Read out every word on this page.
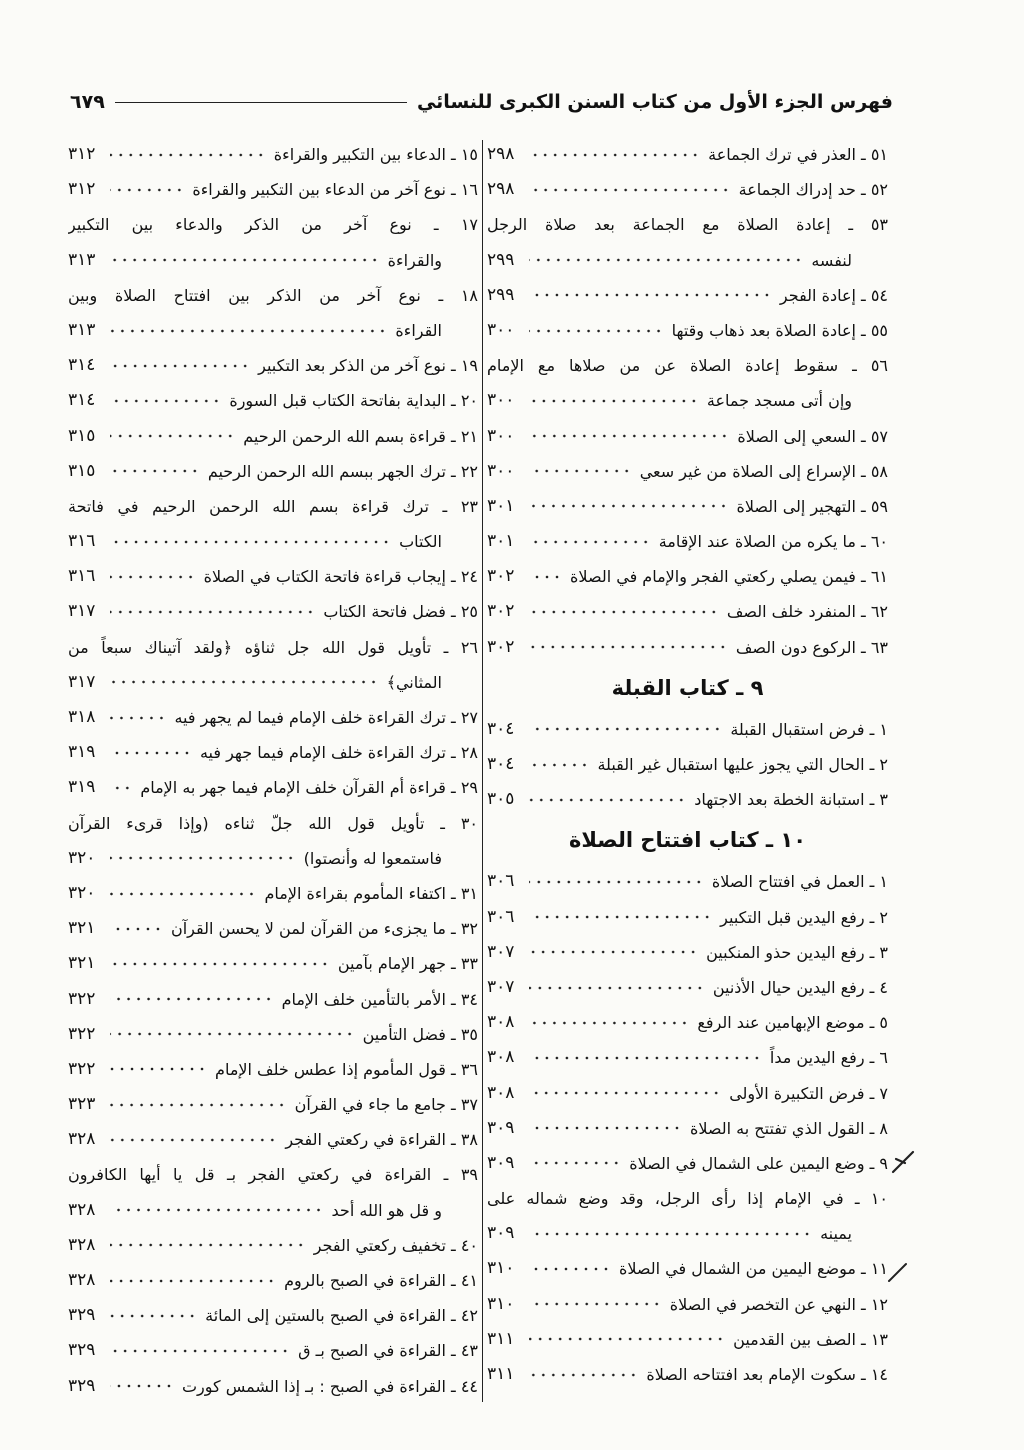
فهرس الجزء الأول من كتاب السنن الكبرى للنسائي
٦٧٩
٥١ ـ العذر في ترك الجماعة
٢٩٨
٥٢ ـ حد إدراك الجماعة
٢٩٨
٥٣ ـ إعادة الصلاة مع الجماعة بعد صلاة الرجل
لنفسه
٢٩٩
٥٤ ـ إعادة الفجر
٢٩٩
٥٥ ـ إعادة الصلاة بعد ذهاب وقتها
٣٠٠
٥٦ ـ سقوط إعادة الصلاة عن من صلاها مع الإمام
وإن أتى مسجد جماعة
٣٠٠
٥٧ ـ السعي إلى الصلاة
٣٠٠
٥٨ ـ الإسراع إلى الصلاة من غير سعي
٣٠٠
٥٩ ـ التهجير إلى الصلاة
٣٠١
٦٠ ـ ما يكره من الصلاة عند الإقامة
٣٠١
٦١ ـ فيمن يصلي ركعتي الفجر والإمام في الصلاة
٣٠٢
٦٢ ـ المنفرد خلف الصف
٣٠٢
٦٣ ـ الركوع دون الصف
٣٠٢
٩ ـ كتاب القبلة
١ ـ فرض استقبال القبلة
٣٠٤
٢ ـ الحال التي يجوز عليها استقبال غير القبلة
٣٠٤
٣ ـ استبانة الخطة بعد الاجتهاد
٣٠٥
١٠ ـ كتاب افتتاح الصلاة
١ ـ العمل في افتتاح الصلاة
٣٠٦
٢ ـ رفع اليدين قبل التكبير
٣٠٦
٣ ـ رفع اليدين حذو المنكبين
٣٠٧
٤ ـ رفع اليدين حيال الأذنين
٣٠٧
٥ ـ موضع الإبهامين عند الرفع
٣٠٨
٦ ـ رفع اليدين مداً
٣٠٨
٧ ـ فرض التكبيرة الأولى
٣٠٨
٨ ـ القول الذي تفتتح به الصلاة
٣٠٩
٩ ـ وضع اليمين على الشمال في الصلاة
٣٠٩
١٠ ـ في الإمام إذا رأى الرجل، وقد وضع شماله على
يمينه
٣٠٩
١١ ـ موضع اليمين من الشمال في الصلاة
٣١٠
١٢ ـ النهي عن التخصر في الصلاة
٣١٠
١٣ ـ الصف بين القدمين
٣١١
١٤ ـ سكوت الإمام بعد افتتاحه الصلاة
٣١١
١٥ ـ الدعاء بين التكبير والقراءة
٣١٢
١٦ ـ نوع آخر من الدعاء بين التكبير والقراءة
٣١٢
١٧ ـ نوع آخر من الذكر والدعاء بين التكبير
والقراءة
٣١٣
١٨ ـ نوع آخر من الذكر بين افتتاح الصلاة وبين
القراءة
٣١٣
١٩ ـ نوع آخر من الذكر بعد التكبير
٣١٤
٢٠ ـ البداية بفاتحة الكتاب قبل السورة
٣١٤
٢١ ـ قراءة بسم الله الرحمن الرحيم
٣١٥
٢٢ ـ ترك الجهر ببسم الله الرحمن الرحيم
٣١٥
٢٣ ـ ترك قراءة بسم الله الرحمن الرحيم في فاتحة
الكتاب
٣١٦
٢٤ ـ إيجاب قراءة فاتحة الكتاب في الصلاة
٣١٦
٢٥ ـ فضل فاتحة الكتاب
٣١٧
٢٦ ـ تأويل قول الله جل ثناؤه ﴿ولقد آتيناك سبعاً من
المثاني﴾
٣١٧
٢٧ ـ ترك القراءة خلف الإمام فيما لم يجهر فيه
٣١٨
٢٨ ـ ترك القراءة خلف الإمام فيما جهر فيه
٣١٩
٢٩ ـ قراءة أم القرآن خلف الإمام فيما جهر به الإمام
٣١٩
٣٠ ـ تأويل قول الله جلّ ثناءه (وإذا قرىء القرآن
فاستمعوا له وأنصتوا)
٣٢٠
٣١ ـ اكتفاء المأموم بقراءة الإمام
٣٢٠
٣٢ ـ ما يجزىء من القرآن لمن لا يحسن القرآن
٣٢١
٣٣ ـ جهر الإمام بآمين
٣٢١
٣٤ ـ الأمر بالتأمين خلف الإمام
٣٢٢
٣٥ ـ فضل التأمين
٣٢٢
٣٦ ـ قول المأموم إذا عطس خلف الإمام
٣٢٢
٣٧ ـ جامع ما جاء في القرآن
٣٢٣
٣٨ ـ القراءة في ركعتي الفجر
٣٢٨
٣٩ ـ القراءة في ركعتي الفجر بـ قل يا أيها الكافرون
و قل هو الله أحد
٣٢٨
٤٠ ـ تخفيف ركعتي الفجر
٣٢٨
٤١ ـ القراءة في الصبح بالروم
٣٢٨
٤٢ ـ القراءة في الصبح بالستين إلى المائة
٣٢٩
٤٣ ـ القراءة في الصبح بـ ق
٣٢٩
٤٤ ـ القراءة في الصبح : بـ إذا الشمس كورت
٣٢٩
